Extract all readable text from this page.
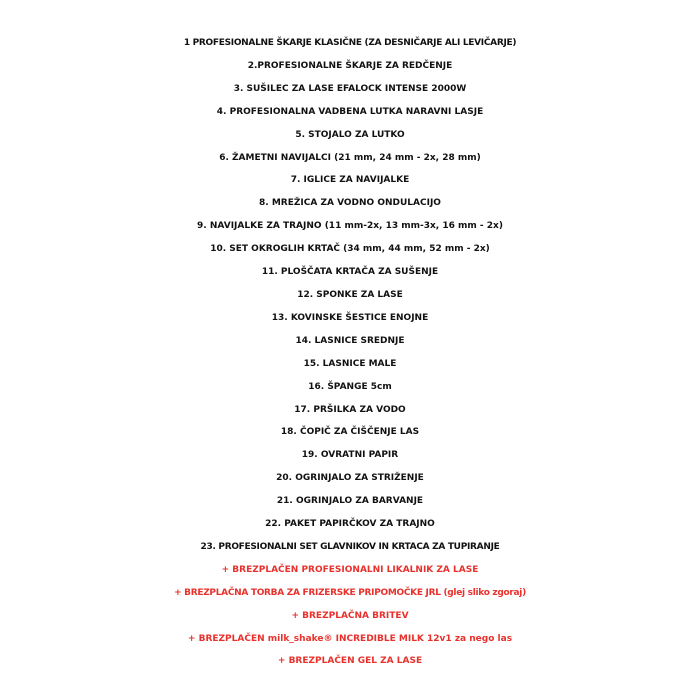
1 PROFESIONALNE ŠKARJE KLASIČNE (ZA DESNIČARJE ALI LEVIČARJE)
2.PROFESIONALNE ŠKARJE ZA REDČENJE
3. SUŠILEC ZA LASE EFALOCK INTENSE 2000W
4. PROFESIONALNA VADBENA LUTKA NARAVNI LASJE
5. STOJALO ZA LUTKO
6. ŽAMETNI NAVIJALCI (21 mm, 24 mm - 2x, 28 mm)
7. IGLICE ZA NAVIJALKE
8. MREŽICA ZA VODNO ONDULACIJO
9. NAVIJALKE ZA TRAJNO (11 mm-2x, 13 mm-3x, 16 mm - 2x)
10. SET OKROGLIH KRTAČ (34 mm, 44 mm, 52 mm - 2x)
11. PLOŠČATA KRTAČA ZA SUŠENJE
12. SPONKE ZA LASE
13. KOVINSKE ŠESTICE ENOJNE
14. LASNICE SREDNJE
15. LASNICE MALE
16. ŠPANGE 5cm
17. PRŠILKA ZA VODO
18. ČOPIČ ZA ČIŠČENJE LAS
19. OVRATNI PAPIR
20. OGRINJALO ZA STRIŽENJE
21. OGRINJALO ZA BARVANJE
22. PAKET PAPIRČKOV ZA TRAJNO
23. PROFESIONALNI SET GLAVNIKOV IN KRTACA ZA TUPIRANJE
+ BREZPLAČEN PROFESIONALNI LIKALNIK ZA LASE
+ BREZPLAČNA TORBA ZA FRIZERSKE PRIPOMOČKE JRL (glej sliko zgoraj)
+ BREZPLAČNA BRITEV
+ BREZPLAČEN milk_shake® INCREDIBLE MILK 12v1 za nego las
+ BREZPLAČEN GEL ZA LASE
